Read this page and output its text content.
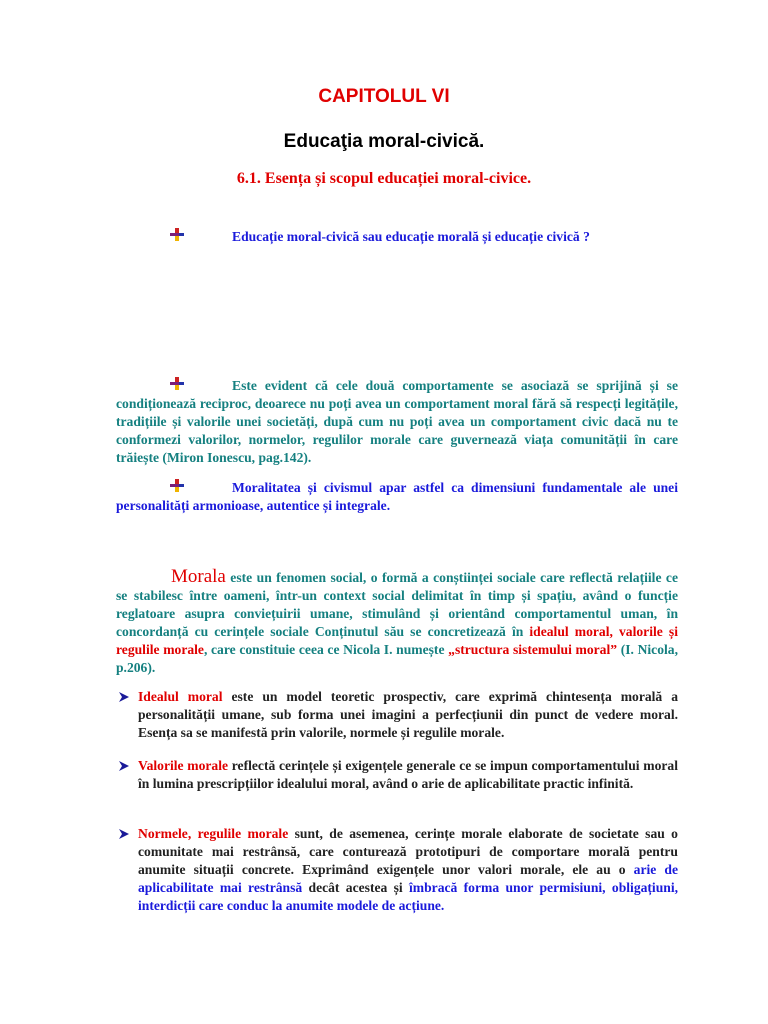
CAPITOLUL VI
Educaţia moral-civică.
6.1. Esența și scopul educației moral-civice.
Educație moral-civică sau educație morală și educație civică ?
Este evident că cele două comportamente se asociază se sprijină și se condiționează reciproc, deoarece nu poți avea un comportament moral fără să respecți legitățile, tradițiile și valorile unei societăți, după cum nu poți avea un comportament civic dacă nu te conformezi valorilor, normelor, regulilor morale care guvernează viața comunității în care trăiește (Miron Ionescu, pag.142).
Moralitatea și civismul apar astfel ca dimensiuni fundamentale ale unei personalități armonioase, autentice și integrale.
Morala este un fenomen social, o formă a conștiinței sociale care reflectă relațiile ce se stabilesc între oameni, într-un context social delimitat în timp și spațiu, având o funcție reglatoare asupra conviețuirii umane, stimulând și orientând comportamentul uman, în concordanță cu cerințele sociale Conținutul său se concretizează în idealul moral, valorile și regulile morale, care constituie ceea ce Nicola I. numește „structura sistemului moral” (I. Nicola, p.206).
Idealul moral este un model teoretic prospectiv, care exprimă chintesența morală a personalității umane, sub forma unei imagini a perfecțiunii din punct de vedere moral. Esența sa se manifestă prin valorile, normele și regulile morale.
Valorile morale reflectă cerințele și exigențele generale ce se impun comportamentului moral în lumina prescripțiilor idealului moral, având o arie de aplicabilitate practic infinită.
Normele, regulile morale sunt, de asemenea, cerințe morale elaborate de societate sau o comunitate mai restrânsă, care conturează prototipuri de comportare morală pentru anumite situații concrete. Exprimând exigențele unor valori morale, ele au o arie de aplicabilitate mai restrânsă decât acestea și îmbracă forma unor permisiuni, obligațiuni, interdicții care conduc la anumite modele de acțiune.
